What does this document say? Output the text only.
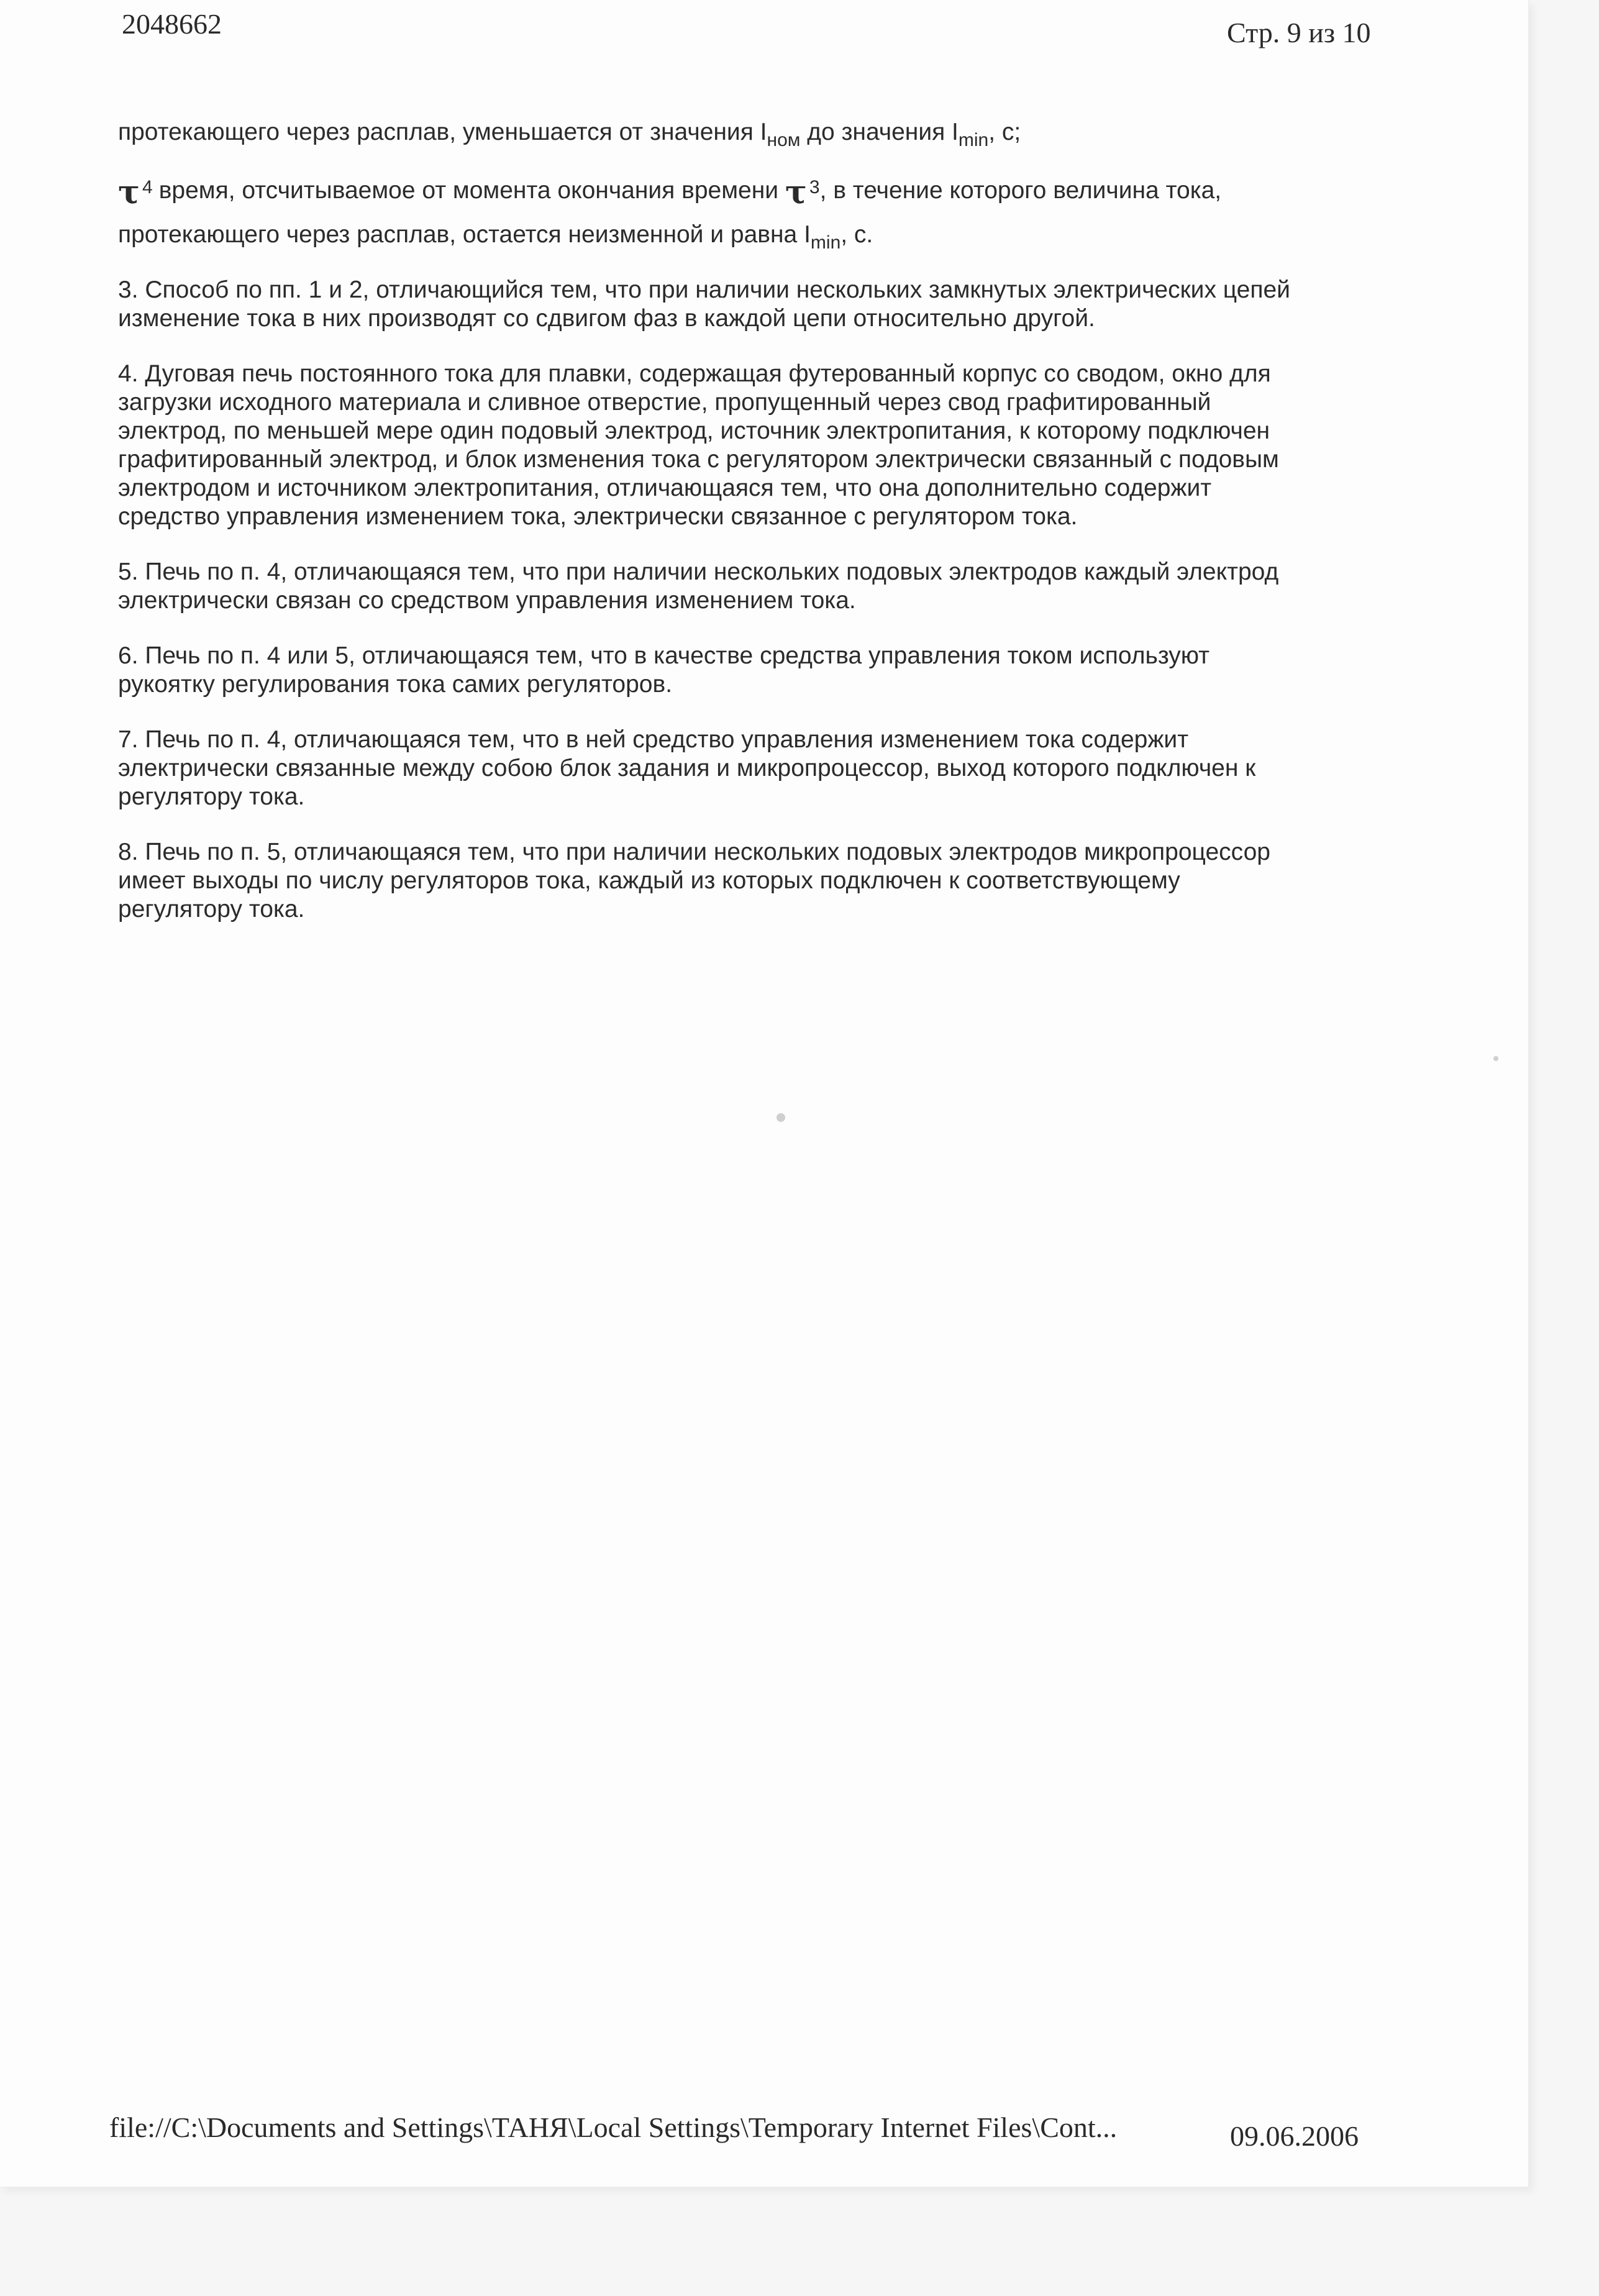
2048662	Стр. 9 из 10
протекающего через расплав, уменьшается от значения $I_{ном}$ до значения $I_{min}$, с;
τ $^4$ время, отсчитываемое от момента окончания времени τ $^3$, в течение которого величина тока,
протекающего через расплав, остается неизменной и равна $I_{min}$, с.
3. Способ по пп. 1 и 2, отличающийся тем, что при наличии нескольких замкнутых электрических цепей
изменение тока в них производят со сдвигом фаз в каждой цепи относительно другой.
4. Дуговая печь постоянного тока для плавки, содержащая футерованный корпус со сводом, окно для
загрузки исходного материала и сливное отверстие, пропущенный через свод графитированный
электрод, по меньшей мере один подовый электрод, источник электропитания, к которому подключен
графитированный электрод, и блок изменения тока с регулятором электрически связанный с подовым
электродом и источником электропитания, отличающаяся тем, что она дополнительно содержит
средство управления изменением тока, электрически связанное с регулятором тока.
5. Печь по п. 4, отличающаяся тем, что при наличии нескольких подовых электродов каждый электрод
электрически связан со средством управления изменением тока.
6. Печь по п. 4 или 5, отличающаяся тем, что в качестве средства управления током используют
рукоятку регулирования тока самих регуляторов.
7. Печь по п. 4, отличающаяся тем, что в ней средство управления изменением тока содержит
электрически связанные между собою блок задания и микропроцессор, выход которого подключен к
регулятору тока.
8. Печь по п. 5, отличающаяся тем, что при наличии нескольких подовых электродов микропроцессор
имеет выходы по числу регуляторов тока, каждый из которых подключен к соответствующему
регулятору тока.
file://C:\Documents and Settings\ТАНЯ\Local Settings\Temporary Internet Files\Cont...	09.06.2006
